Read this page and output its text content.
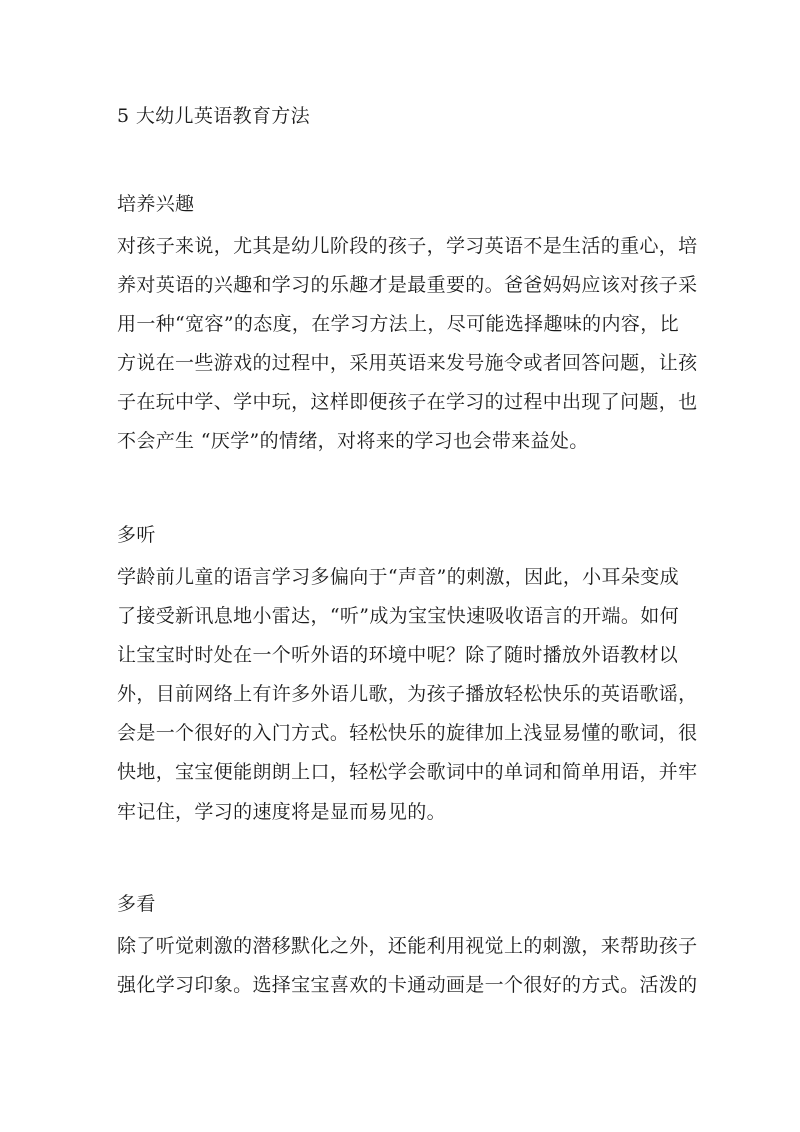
5 大幼儿英语教育方法
培养兴趣
对孩子来说，尤其是幼儿阶段的孩子，学习英语不是生活的重心，培
养对英语的兴趣和学习的乐趣才是最重要的。爸爸妈妈应该对孩子采
用一种“宽容”的态度，在学习方法上，尽可能选择趣味的内容，比
方说在一些游戏的过程中，采用英语来发号施令或者回答问题，让孩
子在玩中学、学中玩，这样即便孩子在学习的过程中出现了问题，也
不会产生 “厌学”的情绪，对将来的学习也会带来益处。
多听
学龄前儿童的语言学习多偏向于“声音”的刺激，因此，小耳朵变成
了接受新讯息地小雷达，“听”成为宝宝快速吸收语言的开端。如何
让宝宝时时处在一个听外语的环境中呢？除了随时播放外语教材以
外，目前网络上有许多外语儿歌，为孩子播放轻松快乐的英语歌谣，
会是一个很好的入门方式。轻松快乐的旋律加上浅显易懂的歌词，很
快地，宝宝便能朗朗上口，轻松学会歌词中的单词和简单用语，并牢
牢记住，学习的速度将是显而易见的。
多看
除了听觉刺激的潜移默化之外，还能利用视觉上的刺激，来帮助孩子
强化学习印象。选择宝宝喜欢的卡通动画是一个很好的方式。活泼的
